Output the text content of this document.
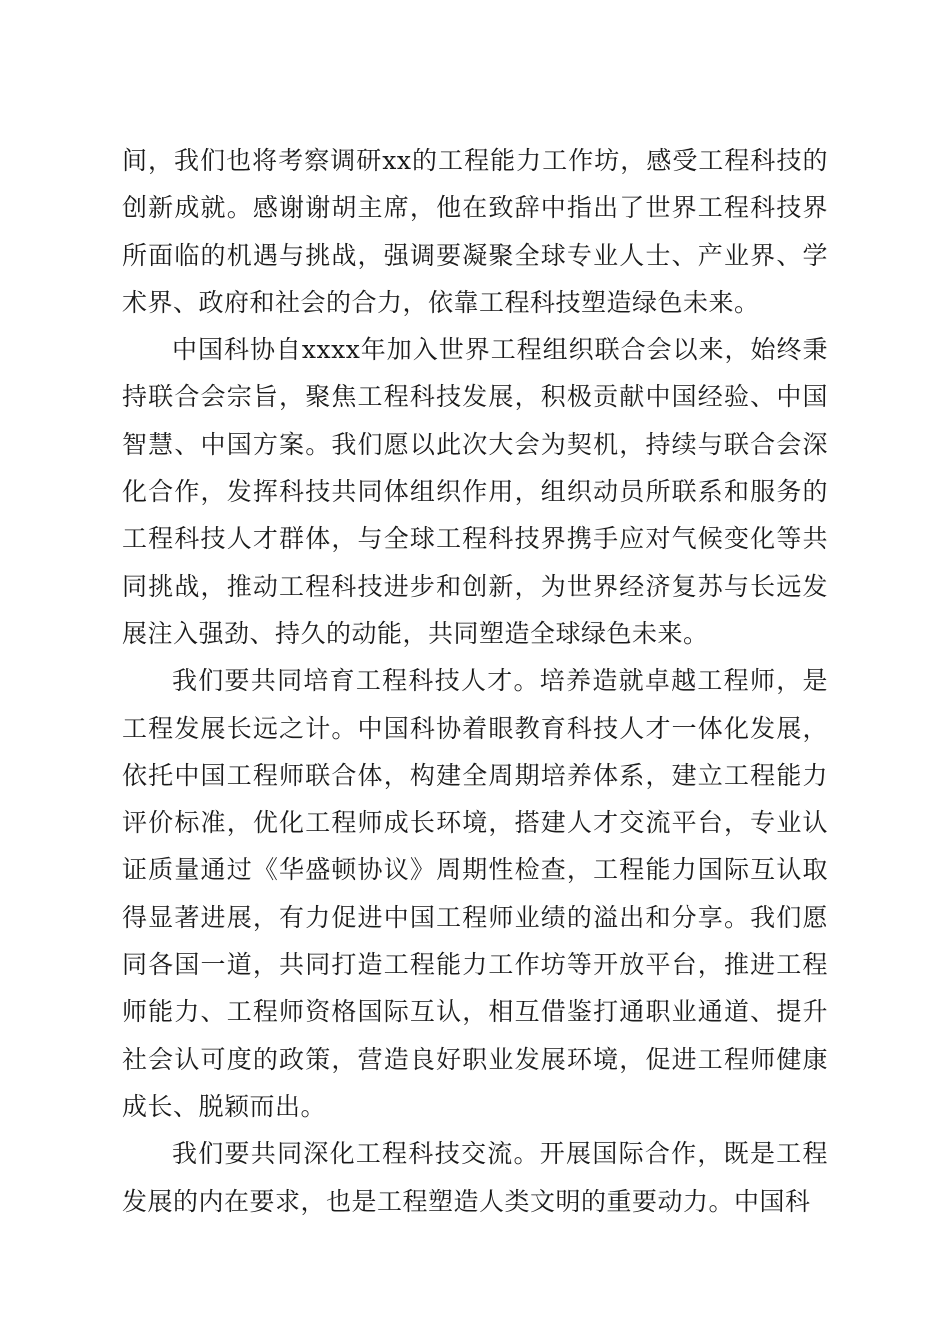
间，我们也将考察调研xx的工程能力工作坊，感受工程科技的创新成就。感谢谢胡主席，他在致辞中指出了世界工程科技界所面临的机遇与挑战，强调要凝聚全球专业人士、产业界、学术界、政府和社会的合力，依靠工程科技塑造绿色未来。

中国科协自xxxx年加入世界工程组织联合会以来，始终秉持联合会宗旨，聚焦工程科技发展，积极贡献中国经验、中国智慧、中国方案。我们愿以此次大会为契机，持续与联合会深化合作，发挥科技共同体组织作用，组织动员所联系和服务的工程科技人才群体，与全球工程科技界携手应对气候变化等共同挑战，推动工程科技进步和创新，为世界经济复苏与长远发展注入强劲、持久的动能，共同塑造全球绿色未来。

我们要共同培育工程科技人才。培养造就卓越工程师，是工程发展长远之计。中国科协着眼教育科技人才一体化发展，依托中国工程师联合体，构建全周期培养体系，建立工程能力评价标准，优化工程师成长环境，搭建人才交流平台，专业认证质量通过《华盛顿协议》周期性检查，工程能力国际互认取得显著进展，有力促进中国工程师业绩的溢出和分享。我们愿同各国一道，共同打造工程能力工作坊等开放平台，推进工程师能力、工程师资格国际互认，相互借鉴打通职业通道、提升社会认可度的政策，营造良好职业发展环境，促进工程师健康成长、脱颖而出。

我们要共同深化工程科技交流。开展国际合作，既是工程发展的内在要求，也是工程塑造人类文明的重要动力。中国科
